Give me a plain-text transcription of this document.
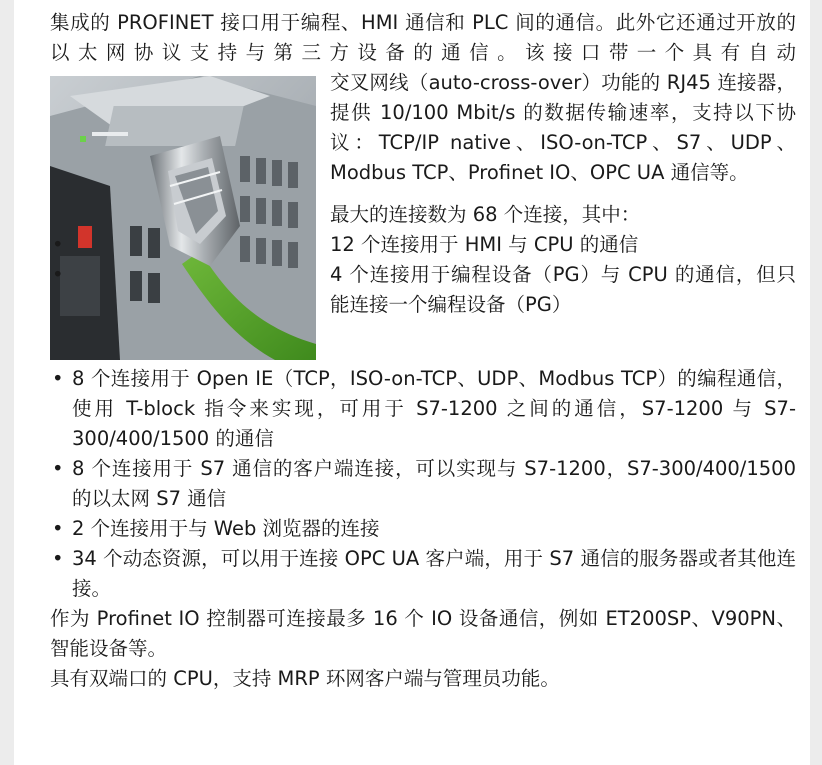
集成的 PROFINET 接口用于编程、HMI 通信和 PLC 间的通信。此外它还通过开放的以太网协议支持与第三方设备的通信。该接口带一个具有自动

交叉网线（auto-cross-over）功能的 RJ45 连接器，提供 10/100 Mbit/s 的数据传输速率，支持以下协议：TCP/IP native、ISO-on-TCP、S7、UDP、Modbus TCP、Profinet IO、OPC UA 通信等。

最大的连接数为 68 个连接，其中：

•	12 个连接用于 HMI 与 CPU 的通信
•	4 个连接用于编程设备（PG）与 CPU 的通信，但只能连接一个编程设备（PG）
• 8 个连接用于 Open IE（TCP，ISO-on-TCP、UDP、Modbus TCP）的编程通信，使用 T-block 指令来实现，可用于 S7-1200 之间的通信，S7-1200 与 S7-300/400/1500 的通信
• 8 个连接用于 S7 通信的客户端连接，可以实现与 S7-1200，S7-300/400/1500 的以太网 S7 通信
• 2 个连接用于与 Web 浏览器的连接
• 34 个动态资源，可以用于连接 OPC UA 客户端，用于 S7 通信的服务器或者其他连接。

作为 Profinet IO 控制器可连接最多 16 个 IO 设备通信，例如 ET200SP、V90PN、智能设备等。

具有双端口的 CPU，支持 MRP 环网客户端与管理员功能。
